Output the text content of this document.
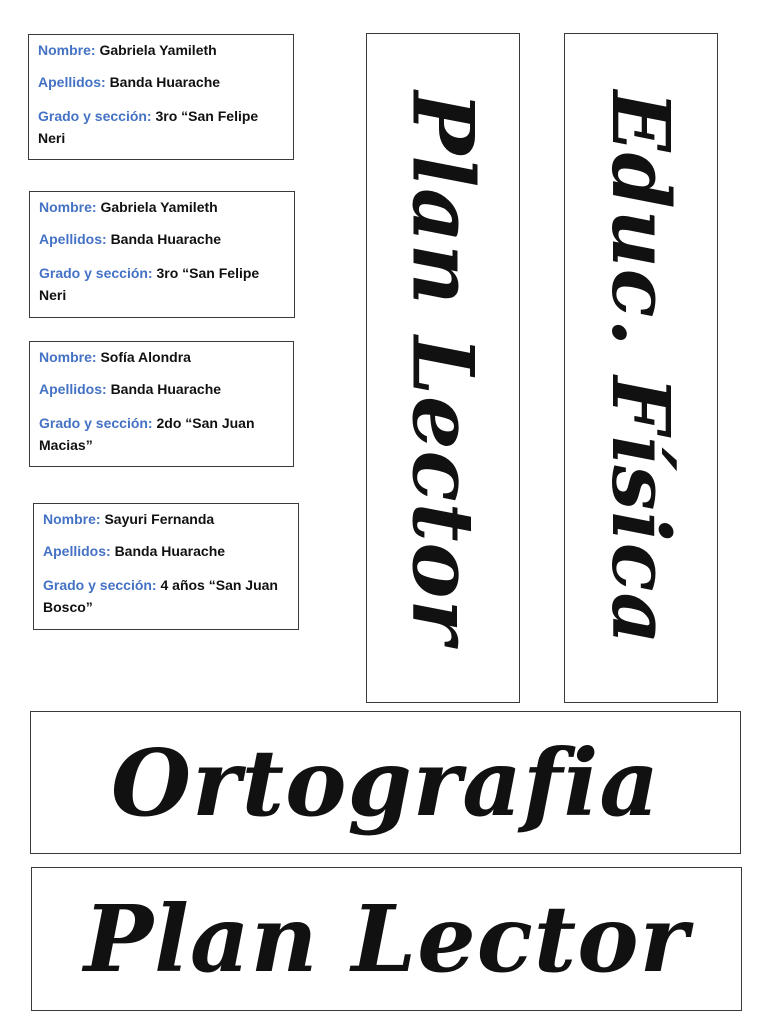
Nombre: Gabriela Yamileth
Apellidos: Banda Huarache
Grado y sección: 3ro “San Felipe Neri
Nombre: Gabriela Yamileth
Apellidos: Banda Huarache
Grado y sección: 3ro “San Felipe Neri
Nombre: Sofía Alondra
Apellidos: Banda Huarache
Grado y sección: 2do “San Juan Macias”
Nombre: Sayuri Fernanda
Apellidos: Banda Huarache
Grado y sección: 4 años “San Juan Bosco”	Plan Lector Educ. Física
Ortografia
Plan Lector
